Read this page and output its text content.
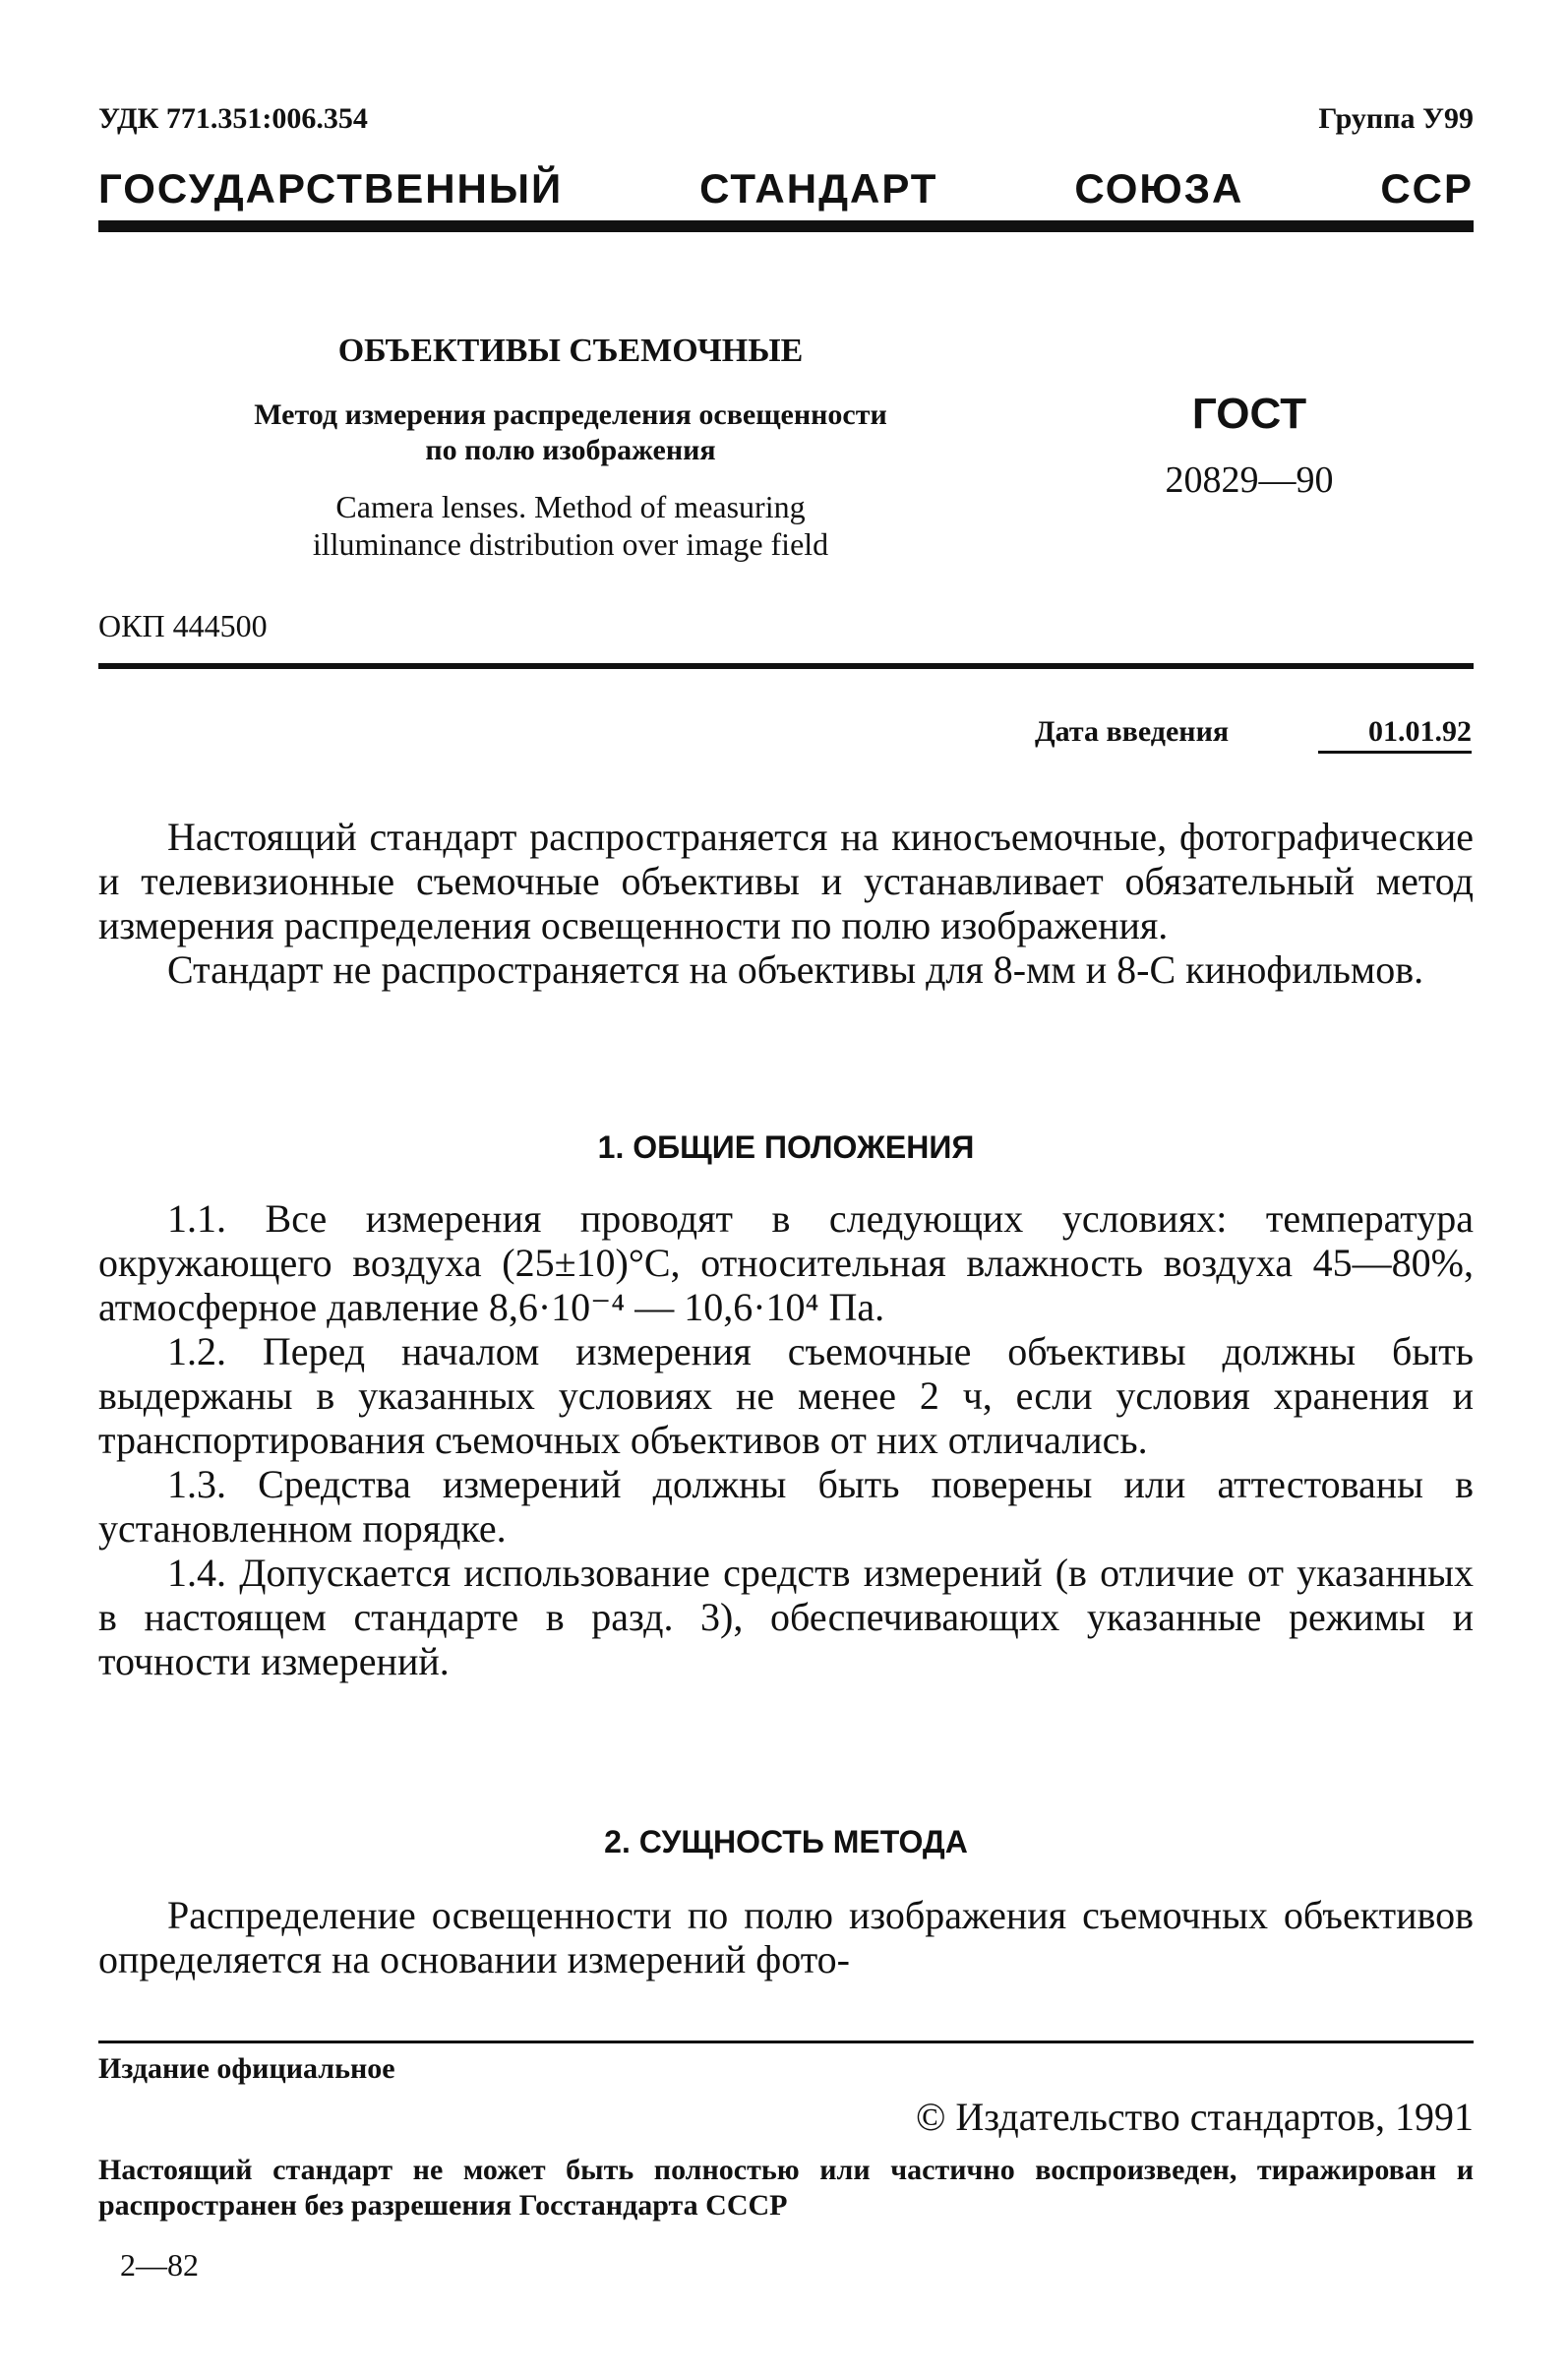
УДК 771.351:006.354	Группа У99
ГОСУДАРСТВЕННЫЙ СТАНДАРТ СОЮЗА ССР
ОБЪЕКТИВЫ СЪЕМОЧНЫЕ
Метод измерения распределения освещенности
по полю изображения
Camera lenses. Method of measuring
illuminance distribution over image field
ГОСТ
20829—90
ОКП 444500
Дата введения	01.01.92

Настоящий стандарт распространяется на киносъемочные, фотографические и телевизионные съемочные объективы и устанавливает обязательный метод измерения распределения освещенности по полю изображения.

Стандарт не распространяется на объективы для 8-мм и 8-С кинофильмов.

1. ОБЩИЕ ПОЛОЖЕНИЯ

1.1. Все измерения проводят в следующих условиях: температура окружающего воздуха (25±10)°С, относительная влажность воздуха 45—80%, атмосферное давление 8,6·10⁻⁴ — 10,6·10⁴ Па.

1.2. Перед началом измерения съемочные объективы должны быть выдержаны в указанных условиях не менее 2 ч, если условия хранения и транспортирования съемочных объективов от них отличались.

1.3. Средства измерений должны быть поверены или аттестованы в установленном порядке.

1.4. Допускается использование средств измерений (в отличие от указанных в настоящем стандарте в разд. 3), обеспечивающих указанные режимы и точности измерений.

2. СУЩНОСТЬ МЕТОДА

Распределение освещенности по полю изображения съемочных объективов определяется на основании измерений фото-

Издание официальное
© Издательство стандартов, 1991
Настоящий стандарт не может быть полностью или частично воспроизведен, тиражирован и распространен без разрешения Госстандарта СССР
2—82
